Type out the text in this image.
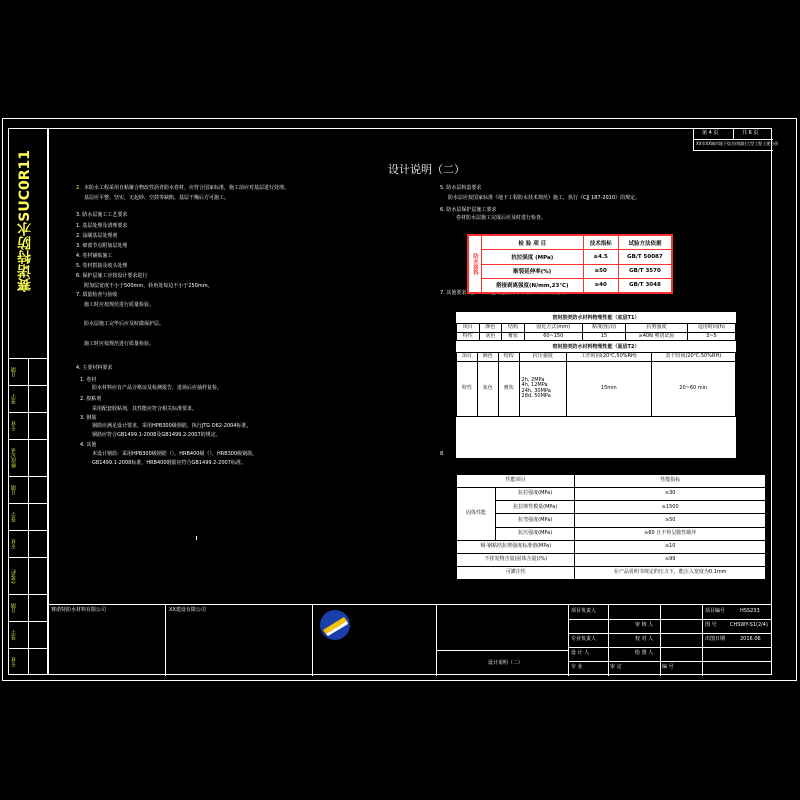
赛诺特防水SUC0R11
日期
签字
专业
修改记录
日期
签字
专业
会签栏
日期
签字
专业
第 4 页	共 6 页
XX市XX城市地下综合(线路)大型工程土建分项
设计说明（二）
2. 本防水工程采用自粘聚合物改性沥青防水卷材，应符合国家标准，施工前应对基层进行处理。
基层应平整、坚实，无起砂、空鼓等缺陷，基层干燥后方可施工。
3. 防水层施工工艺要求
1. 基层处理及清理要求
2. 涂刷基层处理剂
3. 细部节点附加层处理
4. 卷材铺贴施工
5. 卷材搭接及收头处理
6. 保护层施工应按设计要求进行
附加层宽度不小于500mm，转角处每边不小于250mm。
7. 质量检查与验收
施工时应按规范进行质量检验。
防水层施工完毕后应及时做保护层。
施工时应按规范进行质量检验。
4. 主要材料要求
1. 卷材
防水材料应有产品合格证及检测报告，进场后应抽样复检。
2. 胶粘剂
采用配套胶粘剂，其性能应符合相关标准要求。
3. 钢筋
钢筋应满足设计要求，采用HPB300级钢筋，执行JTG D62-2004标准。
钢筋应符合GB1499.1-2008及GB1499.2-2007的规定。
4. 其他
本设计钢筋：采用HPB300级钢筋（），HRB400级（），HRB300级钢筋。
GB1499.1-2008标准，HRB400钢筋应符合GB1499.2-2007标准。
5. 防水层构造要求
防水层应按国家标准《地下工程防水技术规范》施工，执行《CJJ 187-2010》的规定。
6. 防水层保护层施工要求
卷材防水层施工完成后应及时进行检查。
7. 其他要求
8.
防水涂料	检 验 项 目	技术指标	试验方法依据
	抗拉强度 (MPa)	≥4.5	GB/T 50087
	断裂延伸率(%)	≥50	GB/T 3570
	搭接剥离强度(N/mm,23℃)	≥40	GB/T 3048
密封胶类防水材料物理性能（底层T1）
项目	颜色	结构	固化方式(mm)	粘度(厘泊)	抗剪强度	适用时间(h)
特性	灰色	膏状	60~150	15	≥40N 剪切试验	3~5
密封胶类防水材料物理性能（面层T2）
项目	颜色	结构	抗压强度	工作时间(20℃,50%RH)	表干时间(20℃,50%RH)
特性	灰色	膏状	2h, 2MPa
4h, 12MPa
24h, 30MPa
28d, 50MPa	15min	20~60 min
性能项目		性能指标
固体性能	抗拉强度(MPa)	≥30
	抗拉弹性模量(MPa)	≥1500
	抗弯强度(MPa)	≥50
	抗压强度(MPa)	≥60 且不得呈脆性破坏
钢-钢粘结抗剪强度标准值(MPa)		≥10
不挥发物含量(固体含量)(%)		≥99
可灌注性		在产品说明书规定的压力下，能注入宽度为0.1mm
赛诺特防水材料有限公司	XX建设有限公司
设计说明（二）
项目负责人
审 核 人
专业负责人	校 对 人
设 计 人	绘 图 人
专 业	审 定	编 号
项目编号	HSS233
图 号	CHSWY-S1(2/4)
出图日期	2016.06
